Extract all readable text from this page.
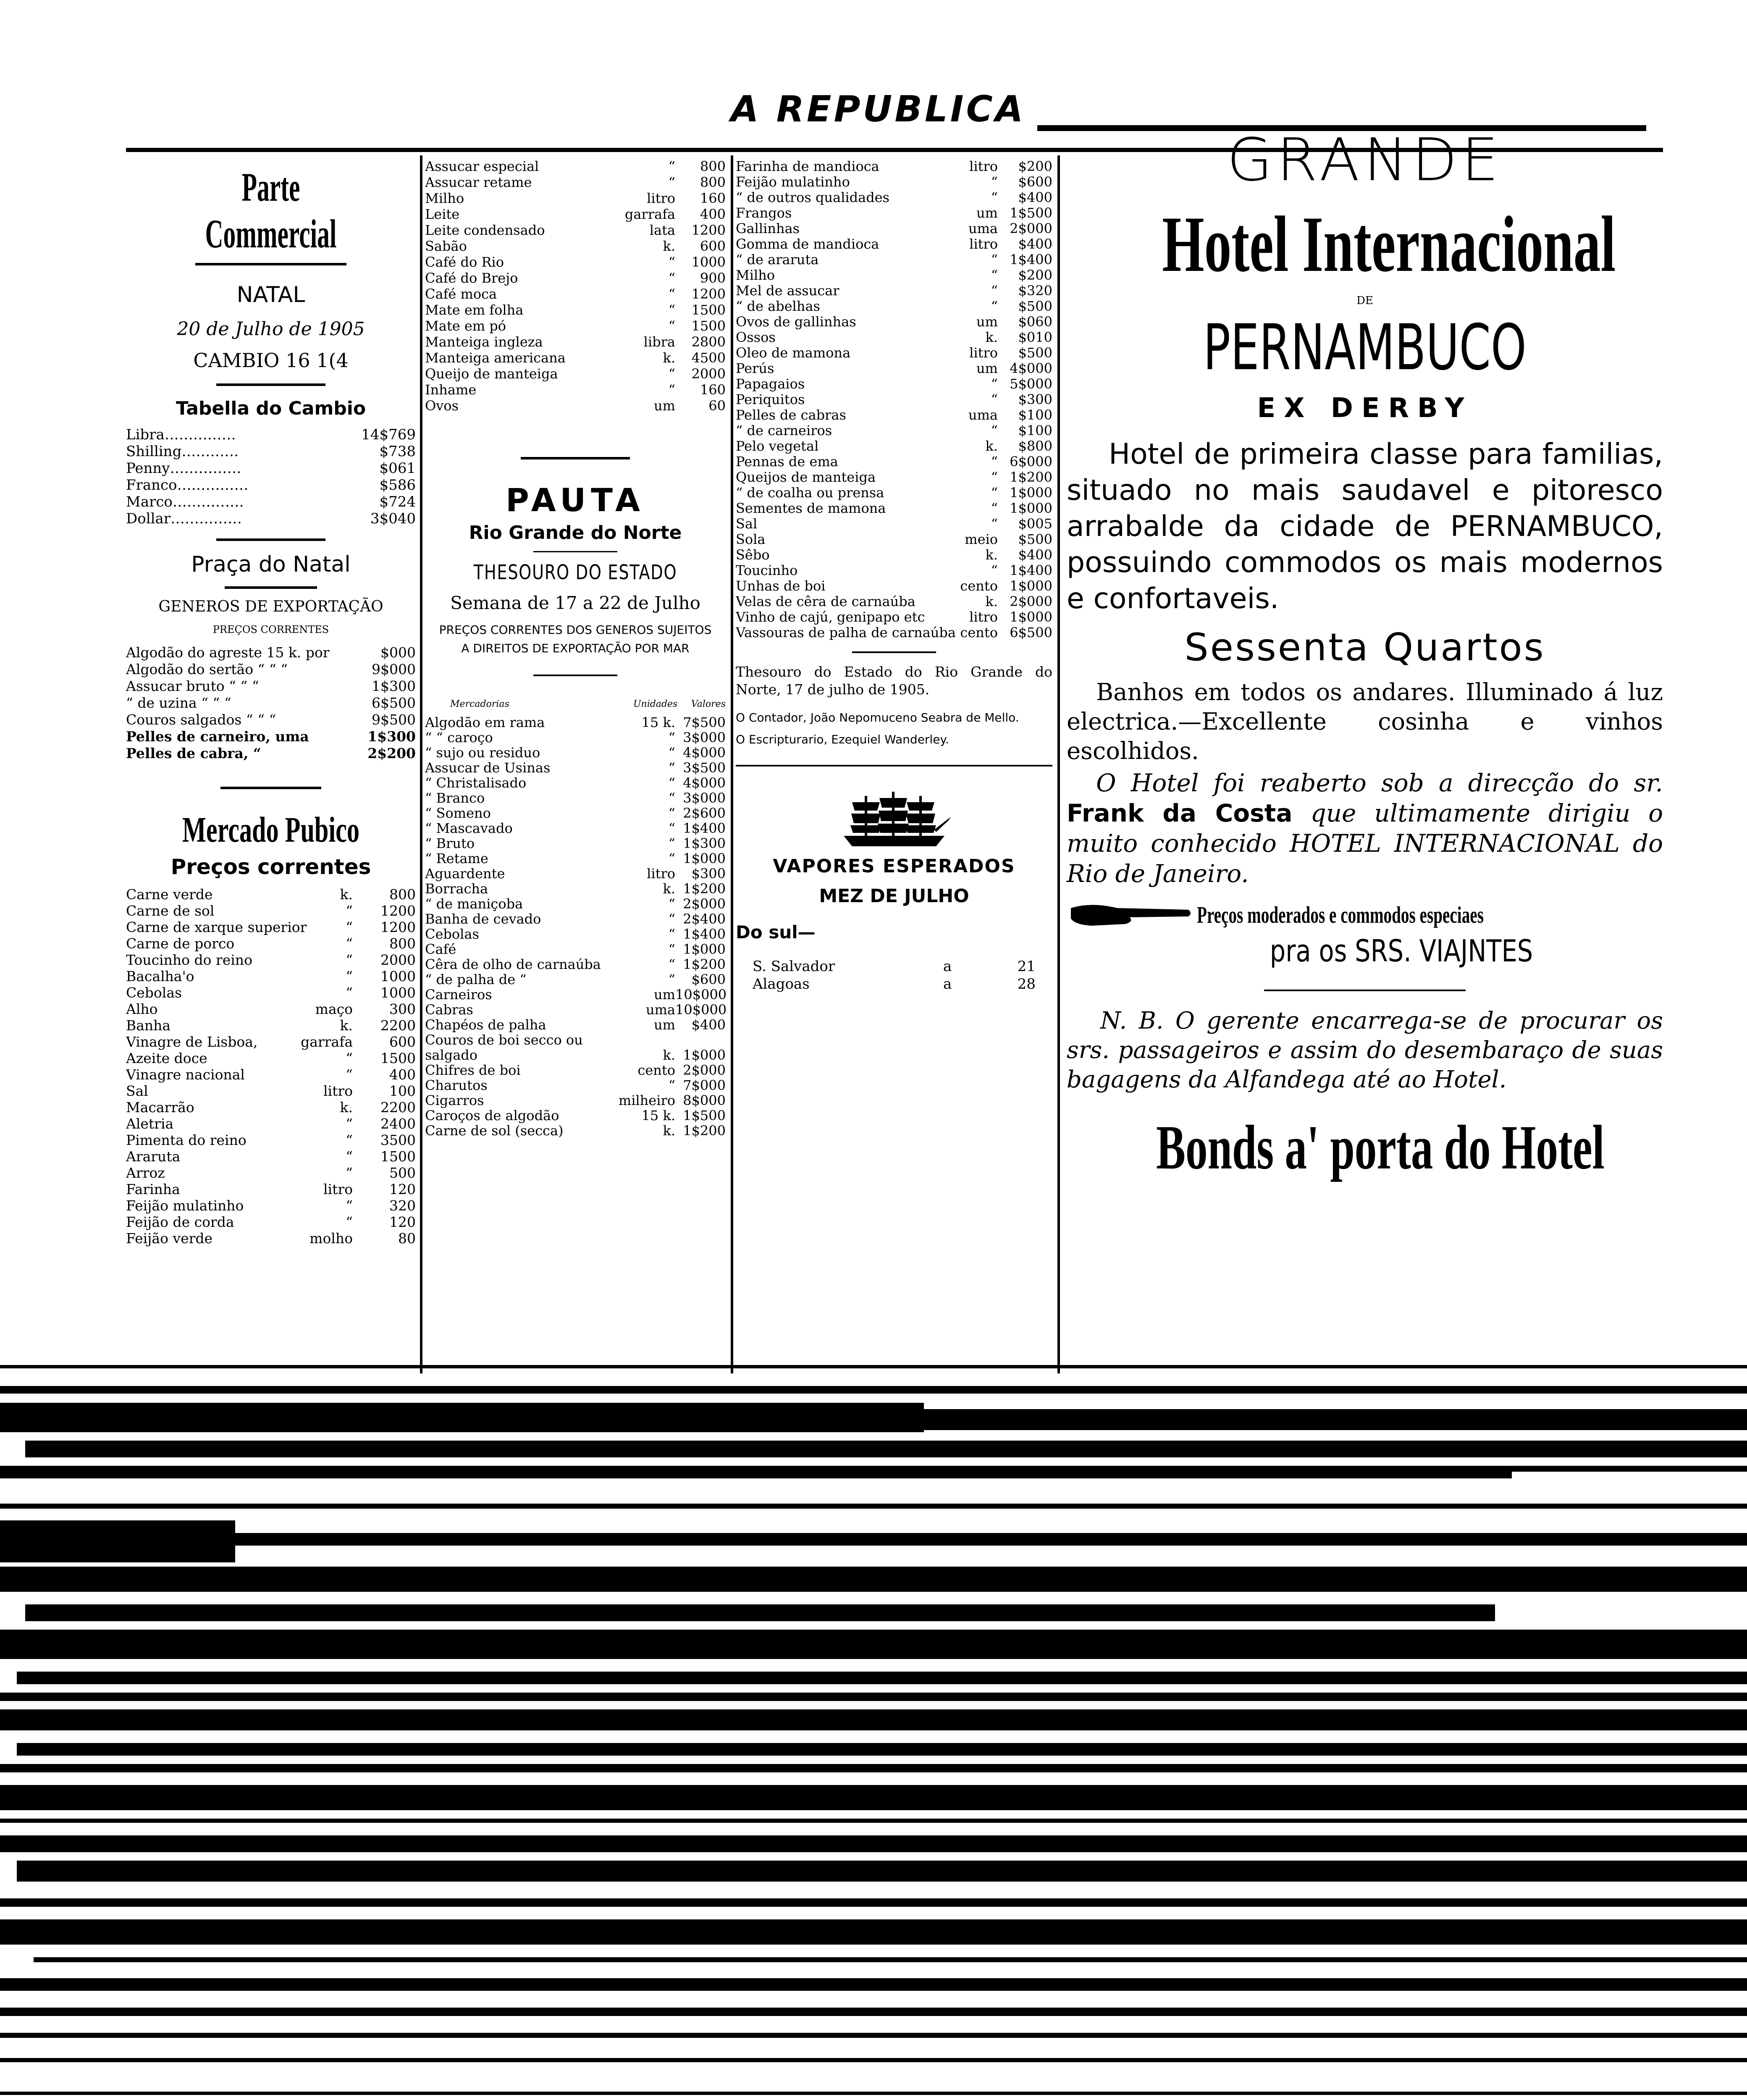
A REPUBLICA
Parte Commercial
NATAL
20 de Julho de 1905
CAMBIO 16 1(4
Tabella do Cambio
Libra……………	14$769
Shilling…………	$738
Penny……………	$061
Franco……………	$586
Marco……………	$724
Dollar……………	3$040
Praça do Natal
GENEROS DE EXPORTAÇÃO
PREÇOS CORRENTES
Algodão do agreste 15 k. por	$000
Algodão do sertão “ “ “	9$000
Assucar bruto “ “ “	1$300
“ de uzina “ “ “	6$500
Couros salgados “ “ “	9$500
Pelles de carneiro, uma	1$300
Pelles de cabra, “	2$200
Mercado Pubico
Preços correntes
Carne verde	k.	800
Carne de sol	“	1200
Carne de xarque superior	“	1200
Carne de porco	“	800
Toucinho do reino	“	2000
Bacalha'o	“	1000
Cebolas	“	1000
Alho	maço	300
Banha	k.	2200
Vinagre de Lisboa,	garrafa	600
Azeite doce	“	1500
Vinagre nacional	“	400
Sal	litro	100
Macarrão	k.	2200
Aletria	“	2400
Pimenta do reino	“	3500
Araruta	“	1500
Arroz	“	500
Farinha	litro	120
Feijão mulatinho	“	320
Feijão de corda	“	120
Feijão verde	molho	80
Assucar especial	“	800
Assucar retame	“	800
Milho	litro	160
Leite	garrafa	400
Leite condensado	lata	1200
Sabão	k.	600
Café do Rio	“	1000
Café do Brejo	“	900
Café moca	“	1200
Mate em folha	“	1500
Mate em pó	“	1500
Manteiga ingleza	libra	2800
Manteiga americana	k.	4500
Queijo de manteiga	“	2000
Inhame	“	160
Ovos	um	60
PAUTA
Rio Grande do Norte
THESOURO DO ESTADO
Semana de 17 a 22 de Julho
PREÇOS CORRENTES DOS GENEROS SUJEITOS A DIREITOS DE EXPORTAÇÃO POR MAR
Mercadorias	Unidades	Valores
Algodão em rama	15 k. 7$500
“ “ caroço	“ 3$000
“ sujo ou residuo	“ 4$000
Assucar de Usinas	“ 3$500
“ Christalisado	“ 4$000
“ Branco	“ 3$000
“ Someno	“ 2$600
“ Mascavado	“ 1$400
“ Bruto	“ 1$300
“ Retame	“ 1$000
Aguardente	litro	$300
Borracha	k. 1$200
“ de maniçoba	“ 2$000
Banha de cevado	“ 2$400
Cebolas	“ 1$400
Café	“ 1$000
Cêra de olho de carnaúba	“ 1$200
“ de palha de “	“	$600
Carneiros	um 10$000
Cabras	uma 10$000
Chapéos de palha	um	$400
Couros de boi secco ou
salgado	k. 1$000
Chifres de boi	cento 2$000
Charutos	“ 7$000
Cigarros	milheiro 8$000
Caroços de algodão	15 k. 1$500
Carne de sol (secca)	k. 1$200
Farinha de mandioca	litro	$200
Feijão mulatinho	“	$600
“ de outros qualidades	“	$400
Frangos	um 1$500
Gallinhas	uma 2$000
Gomma de mandioca	litro	$400
“ de araruta	“ 1$400
Milho	“	$200
Mel de assucar	“	$320
“ de abelhas	“	$500
Ovos de gallinhas	um	$060
Ossos	k.	$010
Oleo de mamona	litro	$500
Perús	um 4$000
Papagaios	“ 5$000
Periquitos	“	$300
Pelles de cabras	uma	$100
“ de carneiros	“	$100
Pelo vegetal	k.	$800
Pennas de ema	“ 6$000
Queijos de manteiga	“ 1$200
“ de coalha ou prensa	“ 1$000
Sementes de mamona	“ 1$000
Sal	“	$005
Sola	meio	$500
Sêbo	k.	$400
Toucinho	“ 1$400
Unhas de boi	cento 1$000
Velas de cêra de carnaúba	k. 2$000
Vinho de cajú, genipapo etc	litro 1$000
Vassouras de palha de carnaúba cento 6$500
Thesouro do Estado do Rio Grande do Norte, 17 de julho de 1905.
O Contador, João Nepomuceno Seabra de Mello.
O Escripturario, Ezequiel Wanderley.
VAPORES ESPERADOS
MEZ DE JULHO
Do sul—
S. Salvador	a	21
Alagoas	a	28
GRANDE
Hotel Internacional
DE
PERNAMBUCO
EX DERBY
Hotel de primeira classe para familias, situado no mais saudavel e pitoresco arrabalde da cidade de PERNAMBUCO, possuindo commodos os mais modernos e confortaveis.
Sessenta Quartos
Banhos em todos os andares. Illuminado á luz electrica.—Excellente cosinha e vinhos escolhidos.
O Hotel foi reaberto sob a direcção do sr. Frank da Costa que ultimamente dirigiu o muito conhecido HOTEL INTERNACIONAL do Rio de Janeiro.
Preços moderados e commodos especiaes
pra os SRS. VIAJNTES
N. B. O gerente encarrega-se de procurar os srs. passageiros e assim do desembaraço de suas bagagens da Alfandega até ao Hotel.
Bonds a' porta do Hotel
